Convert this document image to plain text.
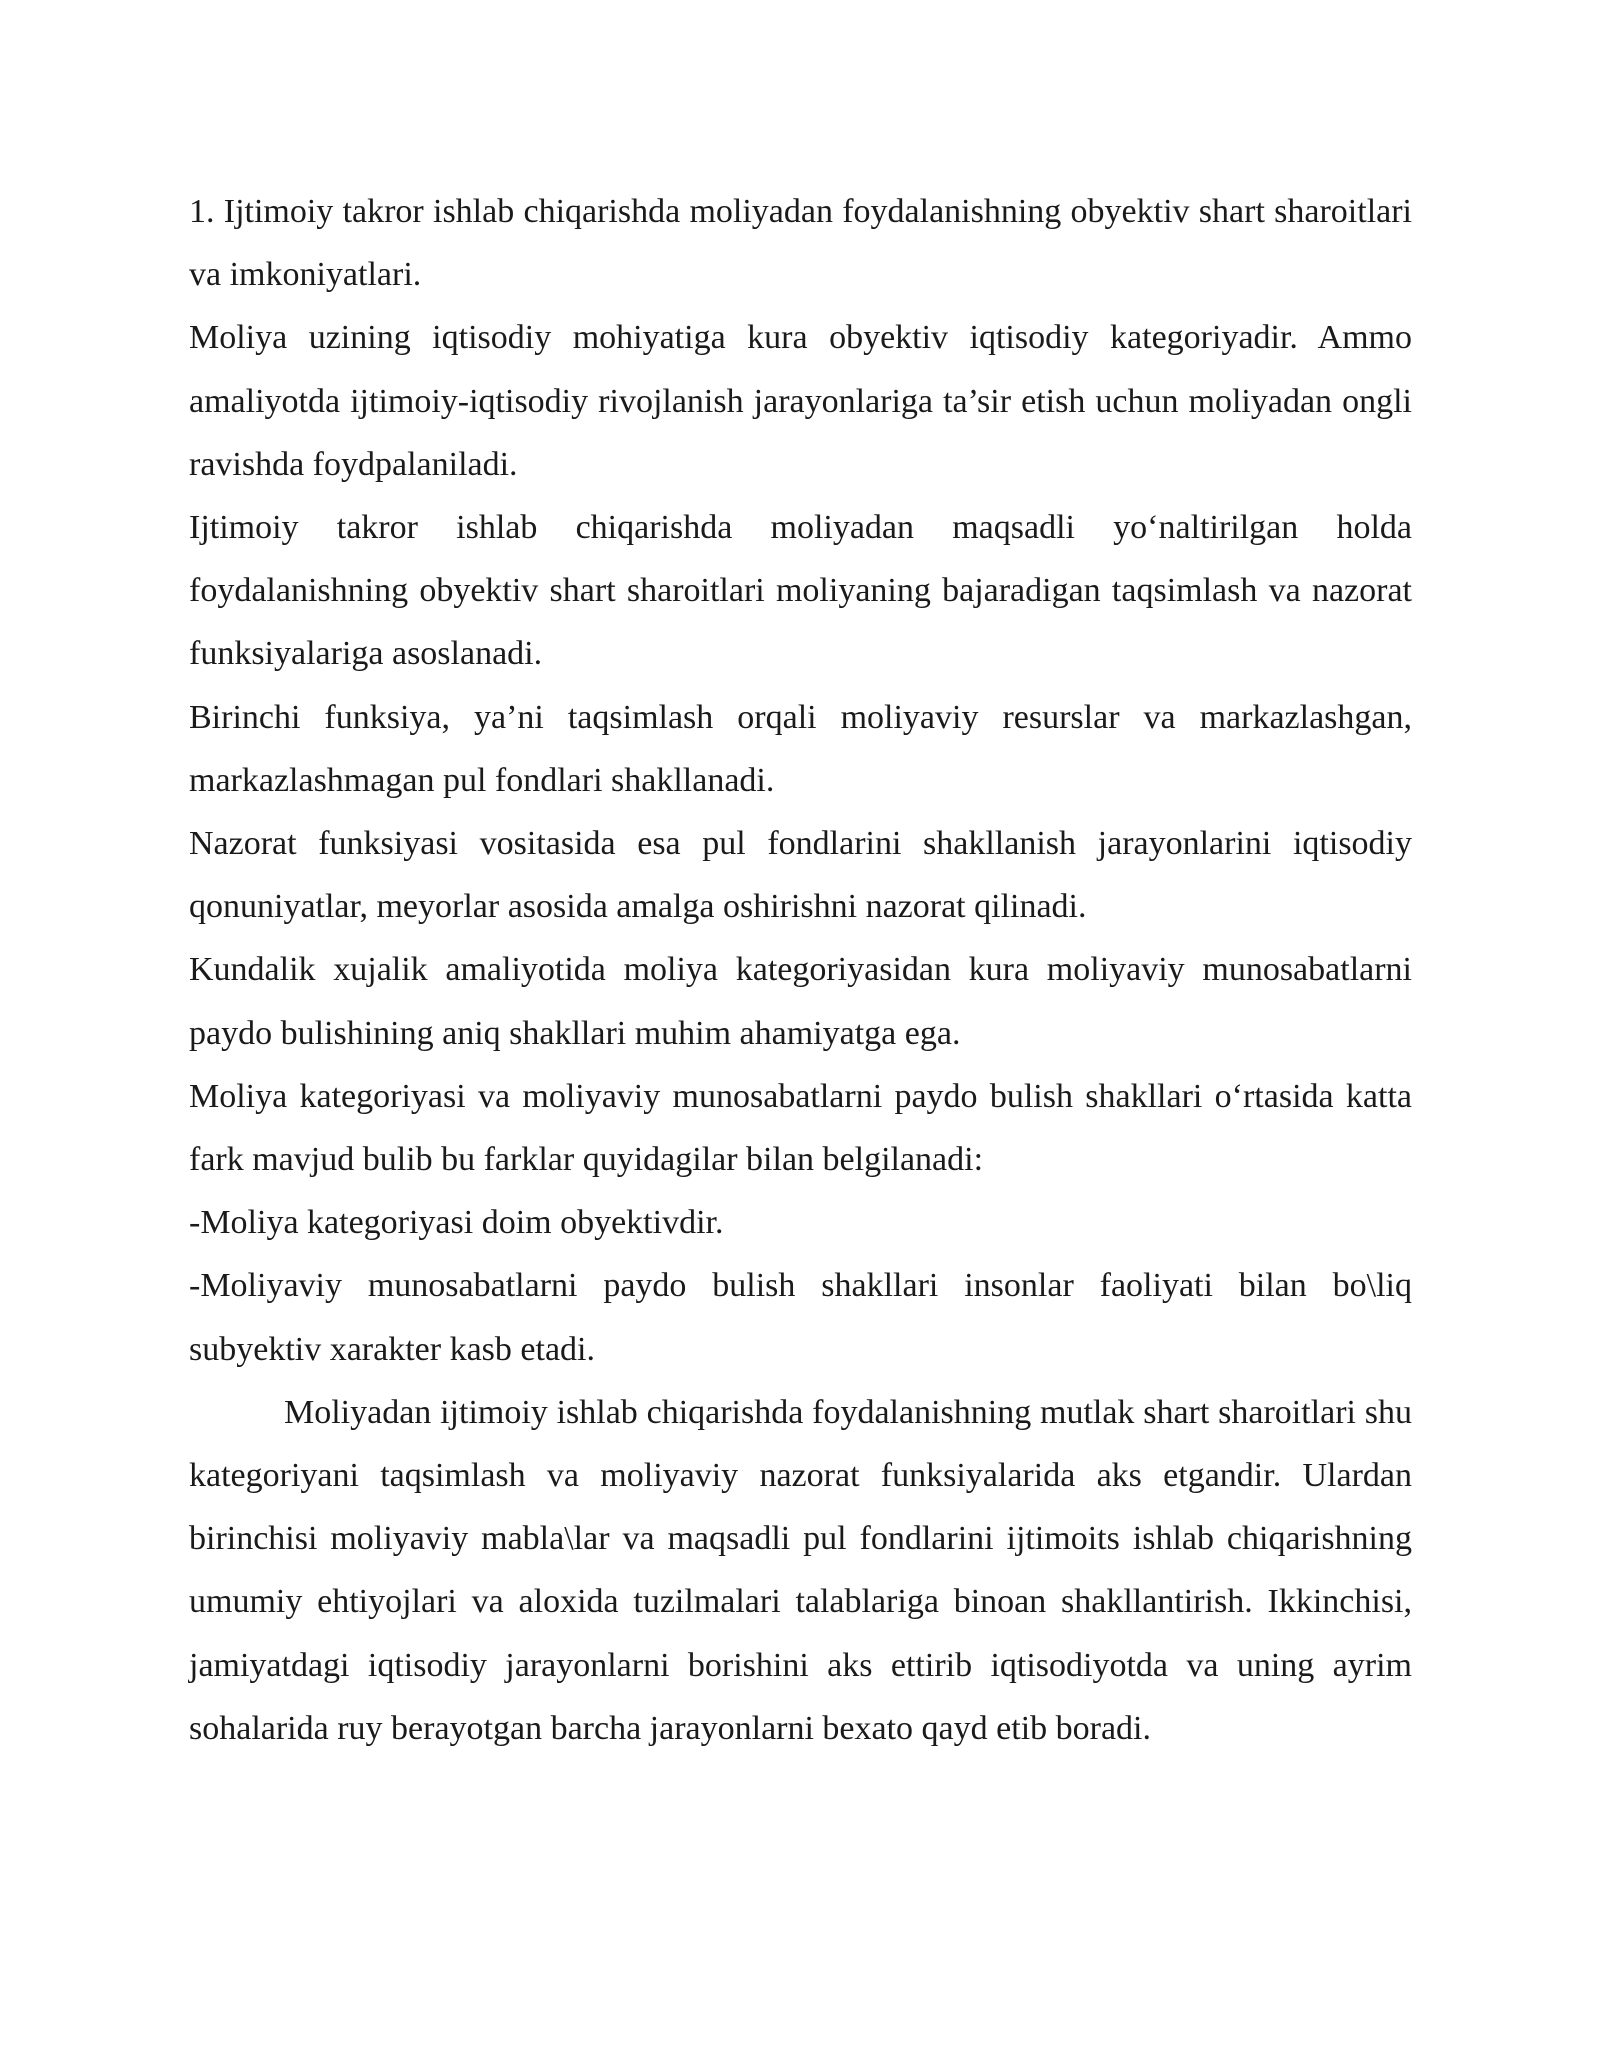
1. Ijtimoiy takror ishlab chiqarishda moliyadan foydalanishning obyektiv shart sharoitlari va imkoniyatlari.

Moliya uzining iqtisodiy mohiyatiga kura obyektiv iqtisodiy kategoriyadir. Ammo amaliyotda ijtimoiy-iqtisodiy rivojlanish jarayonlariga ta’sir etish uchun moliyadan ongli ravishda foydpalaniladi.

Ijtimoiy takror ishlab chiqarishda moliyadan maqsadli yo‘naltirilgan holda foydalanishning obyektiv shart sharoitlari moliyaning bajaradigan taqsimlash va nazorat funksiyalariga asoslanadi.

Birinchi funksiya, ya’ni taqsimlash orqali moliyaviy resurslar va markazlashgan, markazlashmagan pul fondlari shakllanadi.

Nazorat funksiyasi vositasida esa pul fondlarini shakllanish jarayonlarini iqtisodiy qonuniyatlar, meyorlar asosida amalga oshirishni nazorat qilinadi.

Kundalik xujalik amaliyotida moliya kategoriyasidan kura moliyaviy munosabatlarni paydo bulishining aniq shakllari muhim ahamiyatga ega.

Moliya kategoriyasi va moliyaviy munosabatlarni paydo bulish shakllari o‘rtasida katta fark mavjud bulib bu farklar quyidagilar bilan belgilanadi:

-Moliya kategoriyasi doim obyektivdir.

-Moliyaviy munosabatlarni paydo bulish shakllari insonlar faoliyati bilan bo\liq subyektiv xarakter kasb etadi.

Moliyadan ijtimoiy ishlab chiqarishda foydalanishning mutlak shart sharoitlari shu kategoriyani taqsimlash va moliyaviy nazorat funksiyalarida aks etgandir. Ulardan birinchisi moliyaviy mabla\lar va maqsadli pul fondlarini ijtimoits ishlab chiqarishning umumiy ehtiyojlari va aloxida tuzilmalari talablariga binoan shakllantirish. Ikkinchisi, jamiyatdagi iqtisodiy jarayonlarni borishini aks ettirib iqtisodiyotda va uning ayrim sohalarida ruy berayotgan barcha jarayonlarni bexato qayd etib boradi.
